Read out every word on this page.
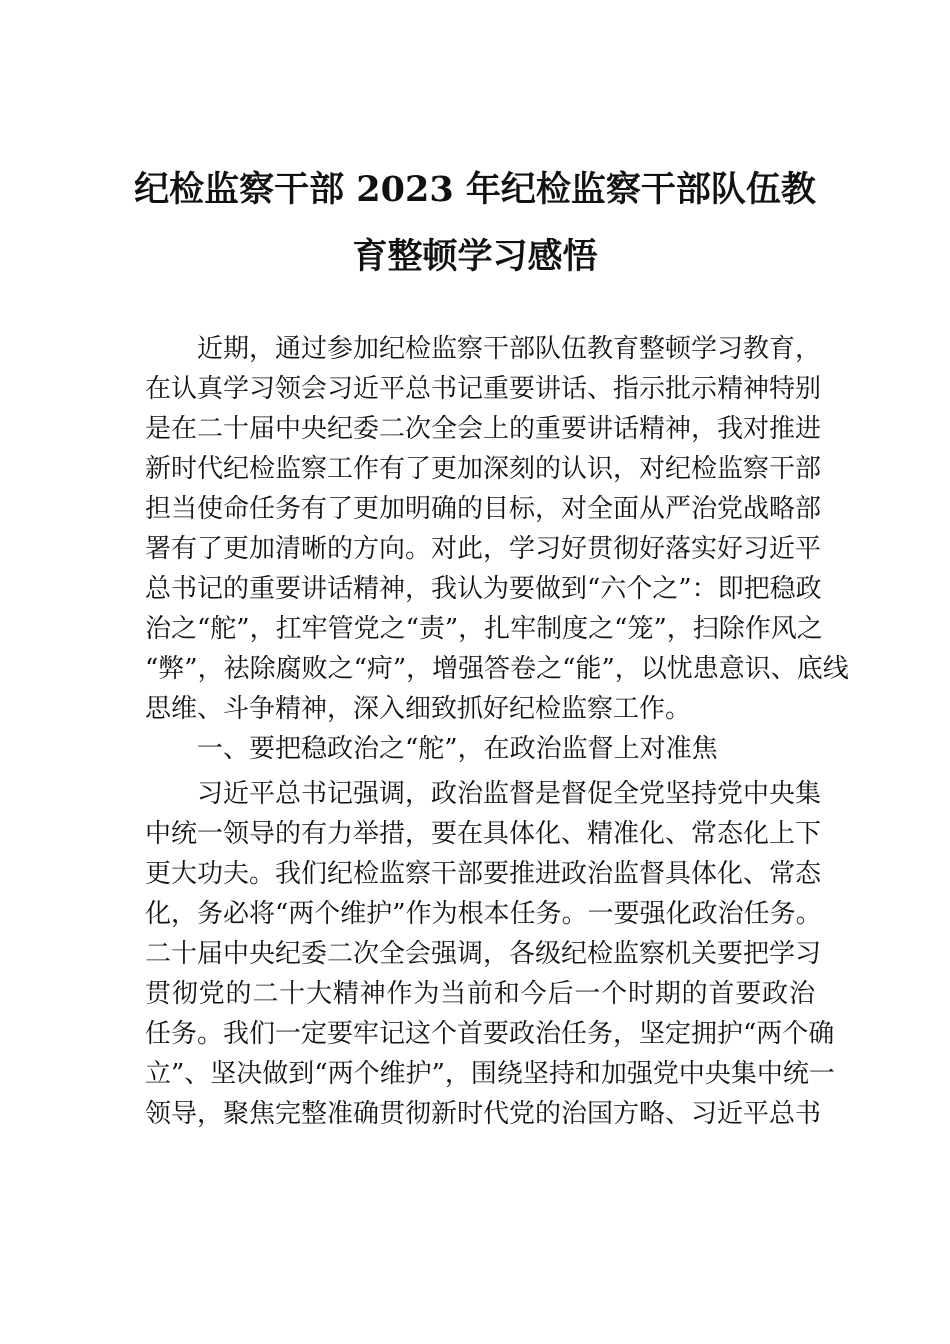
纪检监察干部 2023 年纪检监察干部队伍教
育整顿学习感悟
近期，通过参加纪检监察干部队伍教育整顿学习教育，
在认真学习领会习近平总书记重要讲话、指示批示精神特别
是在二十届中央纪委二次全会上的重要讲话精神，我对推进
新时代纪检监察工作有了更加深刻的认识，对纪检监察干部
担当使命任务有了更加明确的目标，对全面从严治党战略部
署有了更加清晰的方向。对此，学习好贯彻好落实好习近平
总书记的重要讲话精神，我认为要做到“六个之”：即把稳政
治之“舵”，扛牢管党之“责”，扎牢制度之“笼”，扫除作风之
“弊”，祛除腐败之“疴”，增强答卷之“能”，以忧患意识、底线
思维、斗争精神，深入细致抓好纪检监察工作。
一、要把稳政治之“舵”，在政治监督上对准焦
习近平总书记强调，政治监督是督促全党坚持党中央集
中统一领导的有力举措，要在具体化、精准化、常态化上下
更大功夫。我们纪检监察干部要推进政治监督具体化、常态
化，务必将“两个维护”作为根本任务。一要强化政治任务。
二十届中央纪委二次全会强调，各级纪检监察机关要把学习
贯彻党的二十大精神作为当前和今后一个时期的首要政治
任务。我们一定要牢记这个首要政治任务，坚定拥护“两个确
立”、坚决做到“两个维护”，围绕坚持和加强党中央集中统一
领导，聚焦完整准确贯彻新时代党的治国方略、习近平总书
